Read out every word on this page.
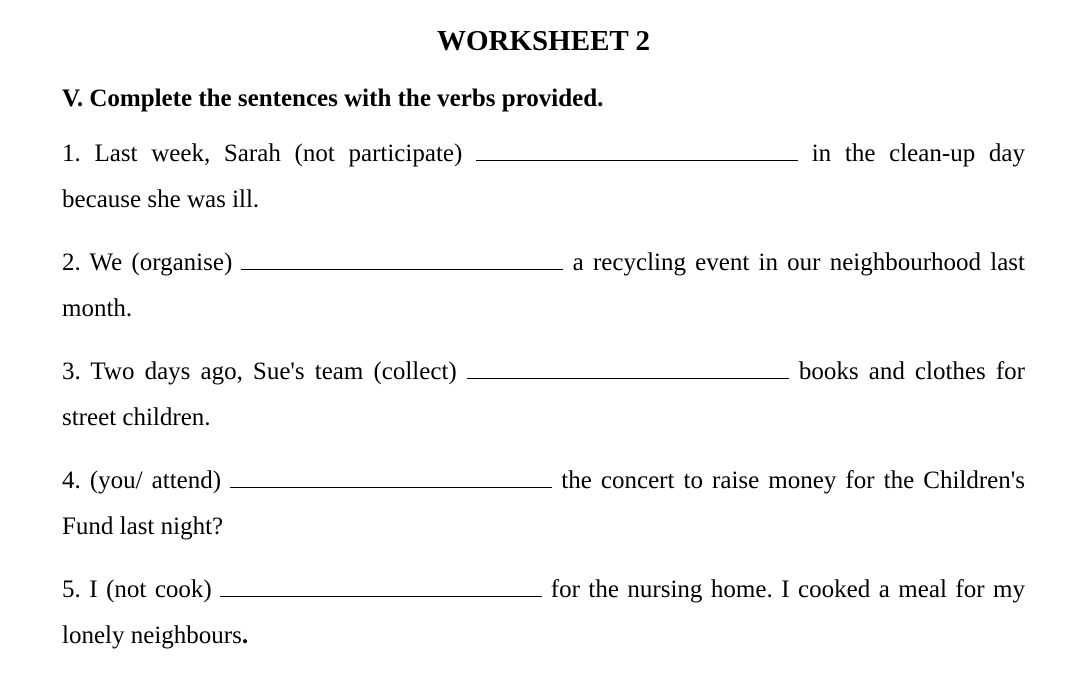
WORKSHEET 2

V. Complete the sentences with the verbs provided.

1. Last week, Sarah (not participate)	in the clean-up day because she was ill.

2. We (organise)	a recycling event in our neighbourhood last month.

3. Two days ago, Sue's team (collect)	books and clothes for street children.

4. (you/ attend)	the concert to raise money for the Children's Fund last night?

5. I (not cook)	for the nursing home. I cooked a meal for my lonely neighbours.
